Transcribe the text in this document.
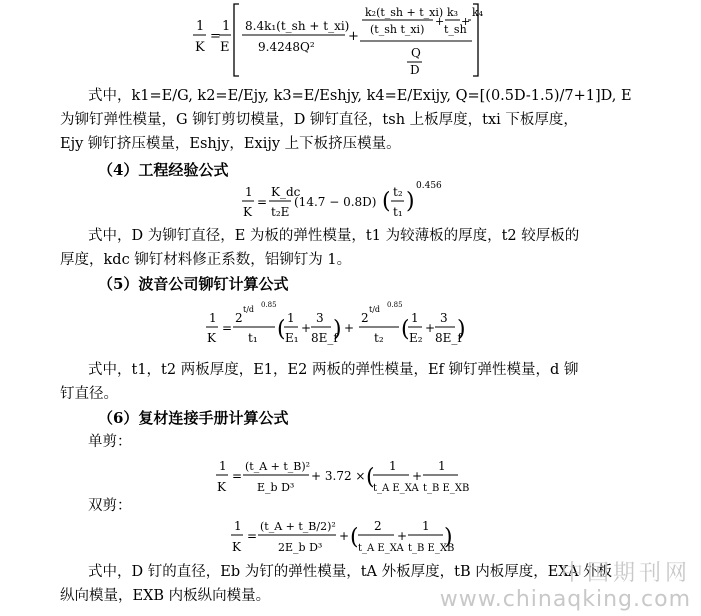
1
K
=
1
E
8.4k₁(t_sh + t_xi)
9.4248Q²
+
k₂(t_sh + t_xi)
(t_sh t_xi)
+
k₃
t_sh
+
k₄
Q
D
式中，k1=E/G, k2=E/Ejy, k3=E/Eshjy, k4=E/Exijy, Q=[(0.5D-1.5)/7+1]D, E
为铆钉弹性模量，G 铆钉剪切模量，D 铆钉直径，tsh 上板厚度，txi 下板厚度，
Ejy 铆钉挤压模量，Eshjy，Exijy 上下板挤压模量。
（4）工程经验公式
1
K
=
K_dc
t₂E
(14.7 − 0.8D) ( t₂
t₁ )
0.456
式中，D 为铆钉直径，E 为板的弹性模量，t1 为较薄板的厚度，t2 较厚板的
厚度，kdc 铆钉材料修正系数，铝铆钉为 1。
（5）波音公司铆钉计算公式
1
K
=
2
t/d 0.85
t₁ ( 1
E₁
+
3
8E_f
) +
2
t/d 0.85
t₂ ( 1
E₂
+
3
8E_f
)
式中，t1，t2 两板厚度，E1，E2 两板的弹性模量，Ef 铆钉弹性模量，d 铆
钉直径。
（6）复材连接手册计算公式
单剪：
1
K
=
(t_A + t_B)²
E_b D³
+ 3.72 × ( 1
t_A E_XA
+
1
t_B E_XB
双剪：
1
K
=
(t_A + t_B/2)²
2E_b D³
+ ( 2
t_A E_XA
+
1
t_B E_XB
)
式中，D 钉的直径，Eb 为钉的弹性模量，tA 外板厚度，tB 内板厚度，EXA 外板
纵向模量，EXB 内板纵向模量。
中国期刊网
www.chinaqking.com
